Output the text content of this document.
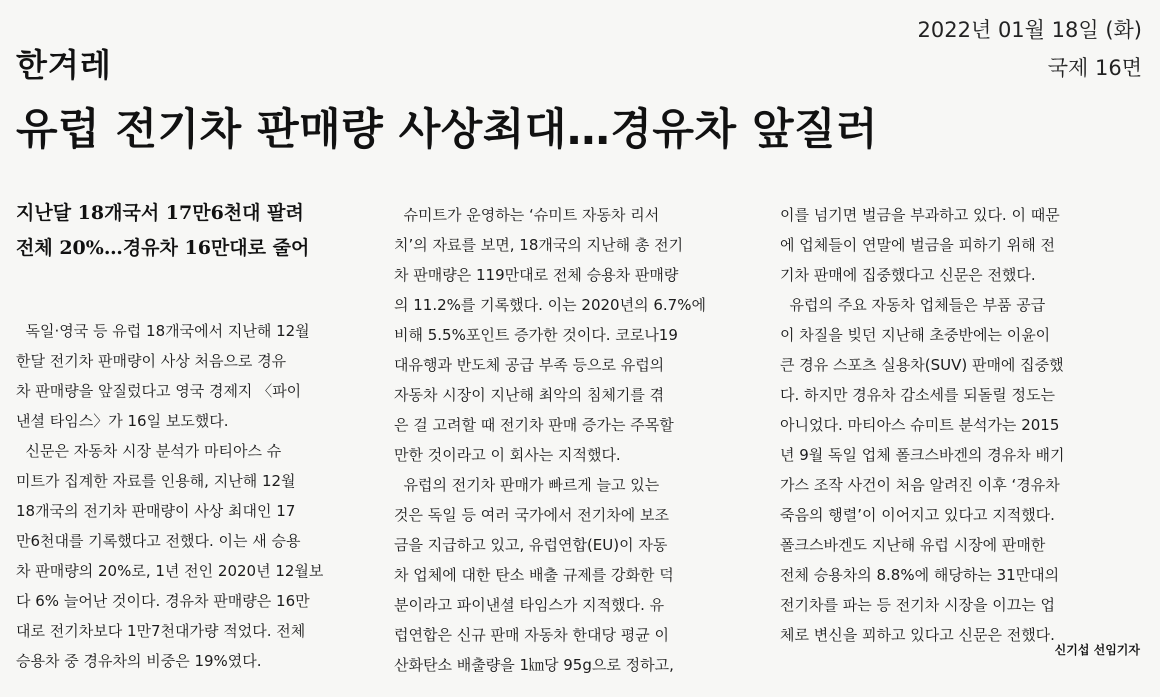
한겨레
2022년 01월 18일 (화)
국제 16면
유럽 전기차 판매량 사상최대…경유차 앞질러
지난달 18개국서 17만6천대 팔려
전체 20%…경유차 16만대로 줄어
독일·영국 등 유럽 18개국에서 지난해 12월
한달 전기차 판매량이 사상 처음으로 경유
차 판매량을 앞질렀다고 영국 경제지 〈파이
낸셜 타임스〉가 16일 보도했다.
신문은 자동차 시장 분석가 마티아스 슈
미트가 집계한 자료를 인용해, 지난해 12월
18개국의 전기차 판매량이 사상 최대인 17
만6천대를 기록했다고 전했다. 이는 새 승용
차 판매량의 20%로, 1년 전인 2020년 12월보
다 6% 늘어난 것이다. 경유차 판매량은 16만
대로 전기차보다 1만7천대가량 적었다. 전체
승용차 중 경유차의 비중은 19%였다.
슈미트가 운영하는 ‘슈미트 자동차 리서
치’의 자료를 보면, 18개국의 지난해 총 전기
차 판매량은 119만대로 전체 승용차 판매량
의 11.2%를 기록했다. 이는 2020년의 6.7%에
비해 5.5%포인트 증가한 것이다. 코로나19
대유행과 반도체 공급 부족 등으로 유럽의
자동차 시장이 지난해 최악의 침체기를 겪
은 걸 고려할 때 전기차 판매 증가는 주목할
만한 것이라고 이 회사는 지적했다.
유럽의 전기차 판매가 빠르게 늘고 있는
것은 독일 등 여러 국가에서 전기차에 보조
금을 지급하고 있고, 유럽연합(EU)이 자동
차 업체에 대한 탄소 배출 규제를 강화한 덕
분이라고 파이낸셜 타임스가 지적했다. 유
럽연합은 신규 판매 자동차 한대당 평균 이
산화탄소 배출량을 1㎞당 95g으로 정하고,
이를 넘기면 벌금을 부과하고 있다. 이 때문
에 업체들이 연말에 벌금을 피하기 위해 전
기차 판매에 집중했다고 신문은 전했다.
유럽의 주요 자동차 업체들은 부품 공급
이 차질을 빚던 지난해 초중반에는 이윤이
큰 경유 스포츠 실용차(SUV) 판매에 집중했
다. 하지만 경유차 감소세를 되돌릴 정도는
아니었다. 마티아스 슈미트 분석가는 2015
년 9월 독일 업체 폴크스바겐의 경유차 배기
가스 조작 사건이 처음 알려진 이후 ‘경유차
죽음의 행렬’이 이어지고 있다고 지적했다.
폴크스바겐도 지난해 유럽 시장에 판매한
전체 승용차의 8.8%에 해당하는 31만대의
전기차를 파는 등 전기차 시장을 이끄는 업
체로 변신을 꾀하고 있다고 신문은 전했다.
신기섭 선임기자
